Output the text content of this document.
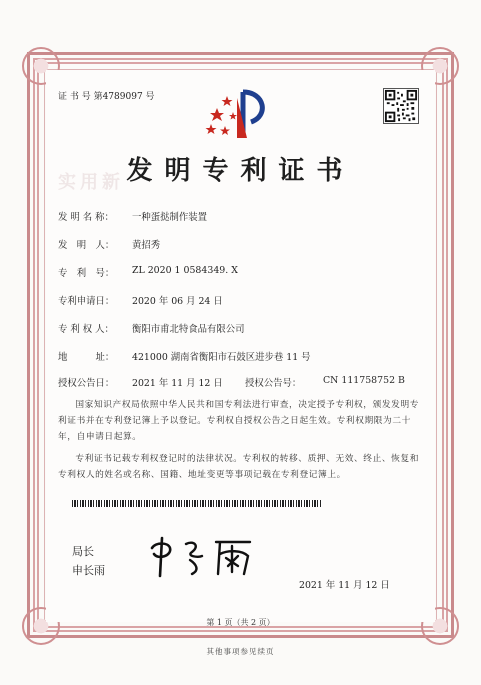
证 书 号 第4789097 号
实用新 发明专利证书
发 明 名 称： 一种蛋挞制作装置
发　明　人： 黄招秀
专　利　号： ZL 2020 1 0584349. X
专利申请日： 2020 年 06 月 24 日
专 利 权 人： 衡阳市甫北特食品有限公司
地　　　址： 421000 湖南省衡阳市石鼓区进步巷 11 号
授权公告日： 2021 年 11 月 12 日 授权公告号： CN 111758752 B
国家知识产权局依照中华人民共和国专利法进行审查，决定授予专利权，颁发发明专利证书并在专利登记簿上予以登记。专利权自授权公告之日起生效。专利权期限为二十年，自申请日起算。
专利证书记载专利权登记时的法律状况。专利权的转移、质押、无效、终止、恢复和专利权人的姓名或名称、国籍、地址变更等事项记载在专利登记簿上。
局长
申长雨
2021 年 11 月 12 日
第 1 页（共 2 页）
其他事项参见续页
